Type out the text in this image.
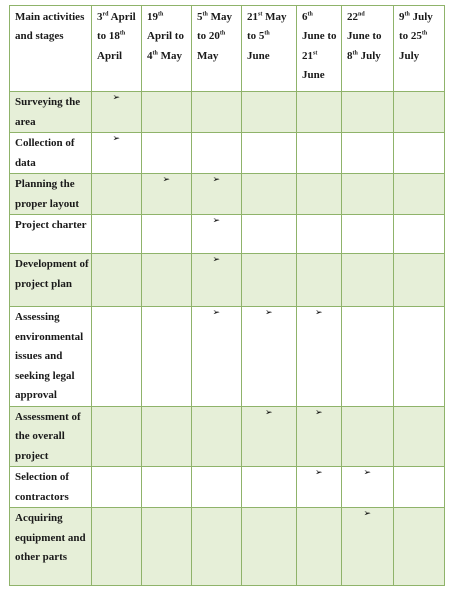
Main activities and stages	3rd April to 18th April	19th April to 4th May	5th May to 20th May	21st May to 5th June	6th June to 21st June	22nd June to 8th July	9th July to 25th July
Surveying the area	➢						

Collection of data	➢						

Planning the proper layout		➢	➢				

Project charter			➢				

Development of project plan			➢				

Assessing environmental issues and seeking legal approval			➢	➢	➢		

Assessment of the overall project				➢	➢		

Selection of contractors					➢	➢	

Acquiring equipment and other parts						➢	
